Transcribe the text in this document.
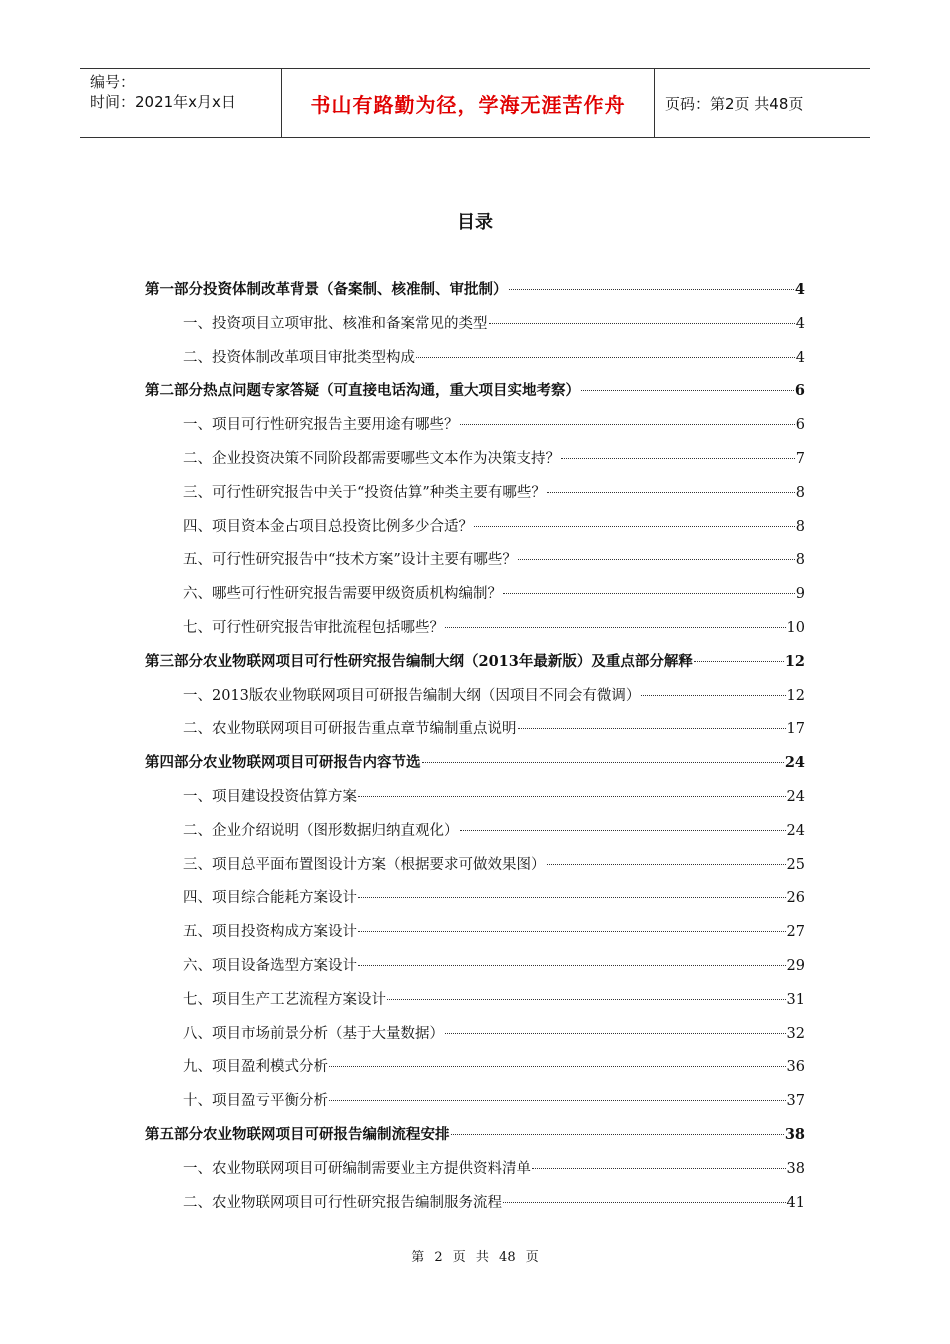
编号：
时间：2021年x月x日	书山有路勤为径，学海无涯苦作舟	页码：第2页 共48页
目录
第一部分投资体制改革背景（备案制、核准制、审批制）	4
一、投资项目立项审批、核准和备案常见的类型	4
二、投资体制改革项目审批类型构成	4
第二部分热点问题专家答疑（可直接电话沟通，重大项目实地考察）	6
一、项目可行性研究报告主要用途有哪些？	6
二、企业投资决策不同阶段都需要哪些文本作为决策支持？	7
三、可行性研究报告中关于“投资估算”种类主要有哪些？	8
四、项目资本金占项目总投资比例多少合适？	8
五、可行性研究报告中“技术方案”设计主要有哪些？	8
六、哪些可行性研究报告需要甲级资质机构编制？	9
七、可行性研究报告审批流程包括哪些？	10
第三部分农业物联网项目可行性研究报告编制大纲（2013年最新版）及重点部分解释	12
一、2013版农业物联网项目可研报告编制大纲（因项目不同会有微调）	12
二、农业物联网项目可研报告重点章节编制重点说明	17
第四部分农业物联网项目可研报告内容节选	24
一、项目建设投资估算方案	24
二、企业介绍说明（图形数据归纳直观化）	24
三、项目总平面布置图设计方案（根据要求可做效果图）	25
四、项目综合能耗方案设计	26
五、项目投资构成方案设计	27
六、项目设备选型方案设计	29
七、项目生产工艺流程方案设计	31
八、项目市场前景分析（基于大量数据）	32
九、项目盈利模式分析	36
十、项目盈亏平衡分析	37
第五部分农业物联网项目可研报告编制流程安排	38
一、农业物联网项目可研编制需要业主方提供资料清单	38
二、农业物联网项目可行性研究报告编制服务流程	41
第 2 页 共 48 页
